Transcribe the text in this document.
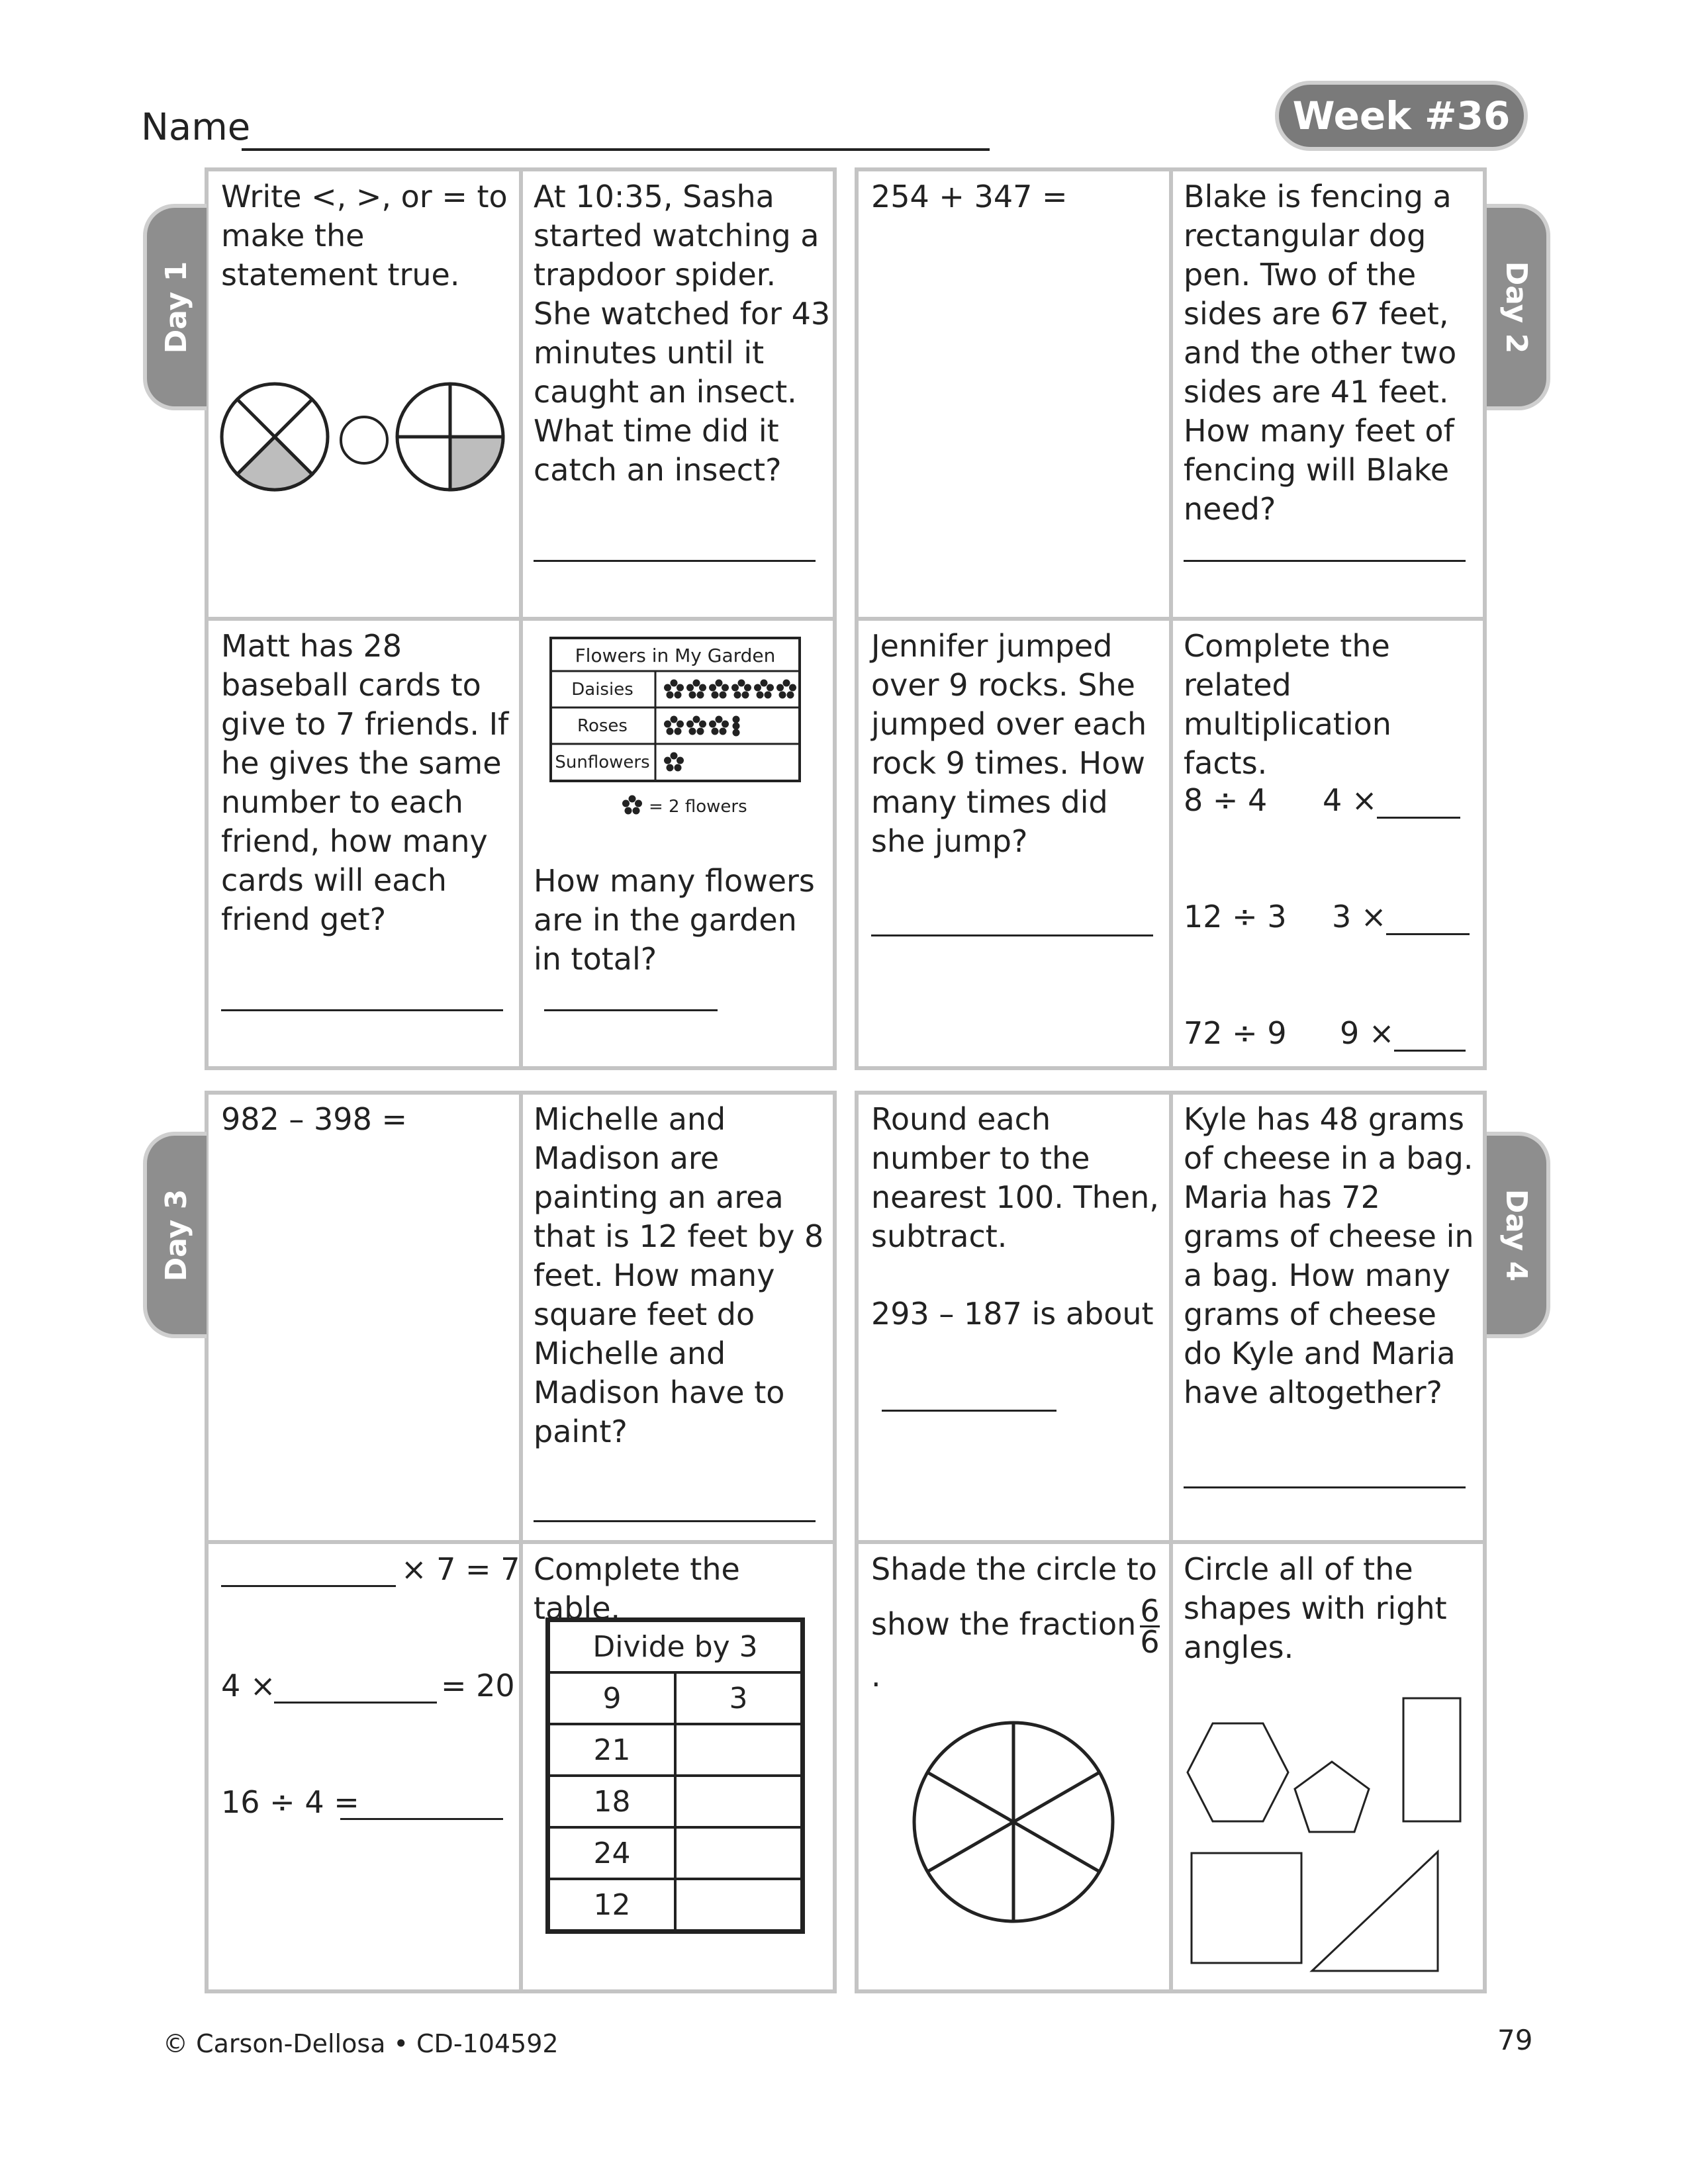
Name	Week #36
Day 1	Day 2
Day 3	Day 4
Write <, >, or = to make the statement true.
At 10:35, Sasha started watching a trapdoor spider. She watched for 43 minutes until it caught an insect. What time did it catch an insect?
Matt has 28 baseball cards to give to 7 friends. If he gives the same number to each friend, how many cards will each friend get?
Flowers in My Garden
Daisies
Roses
Sunflowers
= 2 flowers
How many flowers are in the garden in total?
254 + 347 =	Blake is fencing a rectangular dog pen. Two of the sides are 67 feet, and the other two sides are 41 feet. How many feet of fencing will Blake need?
Jennifer jumped over 9 rocks. She jumped over each rock 9 times. How many times did she jump?
Complete the related multiplication facts.
8 ÷ 4 4 ×
12 ÷ 3 3 ×
72 ÷ 9 9 ×
982 – 398 =	Michelle and Madison are painting an area that is 12 feet by 8 feet. How many square feet do Michelle and Madison have to paint?
× 7 = 7
4 ×	= 20
16 ÷ 4 =
Complete the table.
Divide by 3	
9	3
21	
18	
24	
12	
Round each number to the nearest 100. Then, subtract.
293 – 187 is about
Kyle has 48 grams of cheese in a bag. Maria has 72 grams of cheese in a bag. How many grams of cheese do Kyle and Maria have altogether?
Shade the circle to
show the fraction $\frac{6}{6}$
.
Circle all of the shapes with right angles.
© Carson-Dellosa • CD-104592	79
